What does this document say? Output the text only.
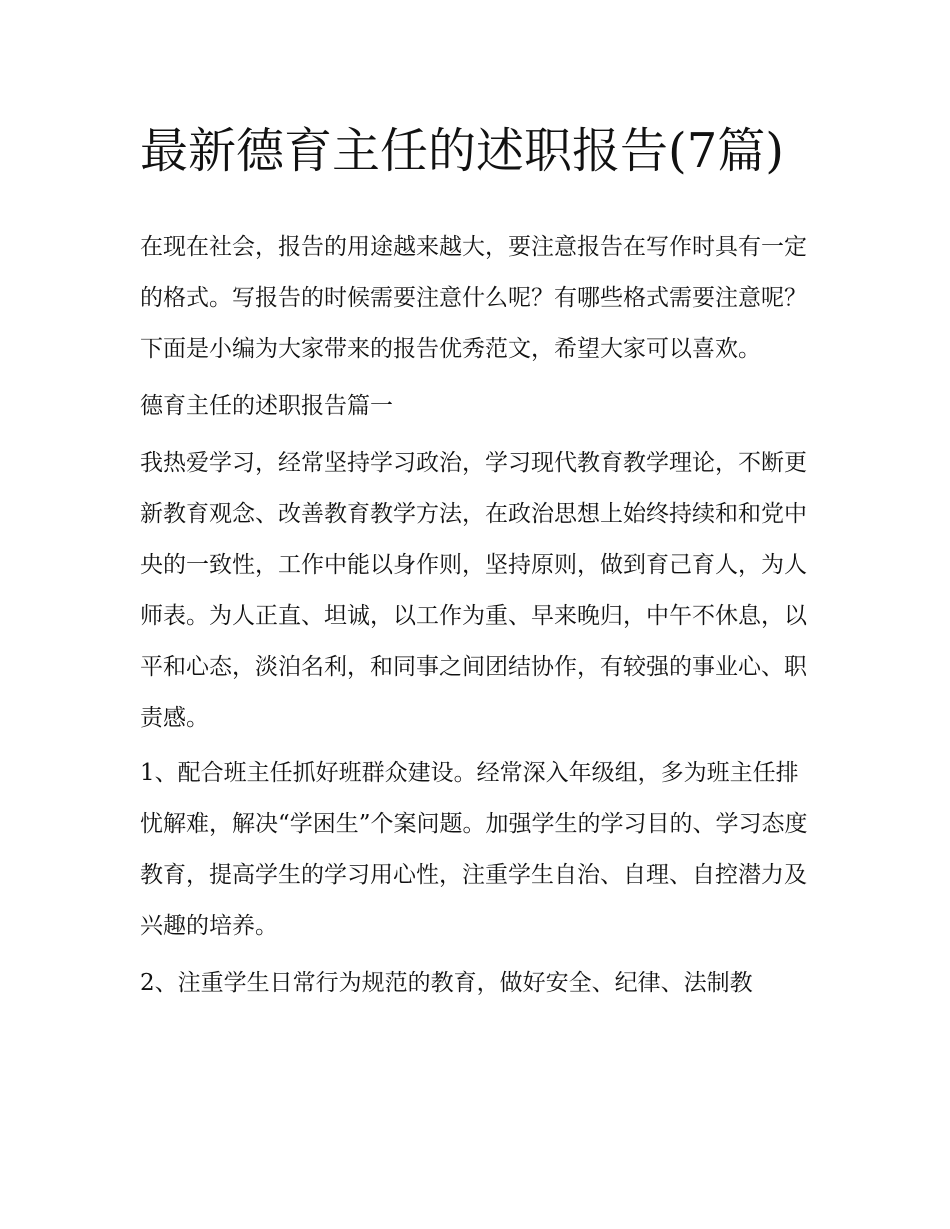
最新德育主任的述职报告(7篇)

在现在社会，报告的用途越来越大，要注意报告在写作时具有一定的格式。写报告的时候需要注意什么呢？有哪些格式需要注意呢？下面是小编为大家带来的报告优秀范文，希望大家可以喜欢。

德育主任的述职报告篇一

我热爱学习，经常坚持学习政治，学习现代教育教学理论，不断更新教育观念、改善教育教学方法，在政治思想上始终持续和和党中央的一致性，工作中能以身作则，坚持原则，做到育己育人，为人师表。为人正直、坦诚，以工作为重、早来晚归，中午不休息，以平和心态，淡泊名利，和同事之间团结协作，有较强的事业心、职责感。

1、配合班主任抓好班群众建设。经常深入年级组，多为班主任排忧解难，解决“学困生”个案问题。加强学生的学习目的、学习态度教育，提高学生的学习用心性，注重学生自治、自理、自控潜力及兴趣的培养。

2、注重学生日常行为规范的教育，做好安全、纪律、法制教
